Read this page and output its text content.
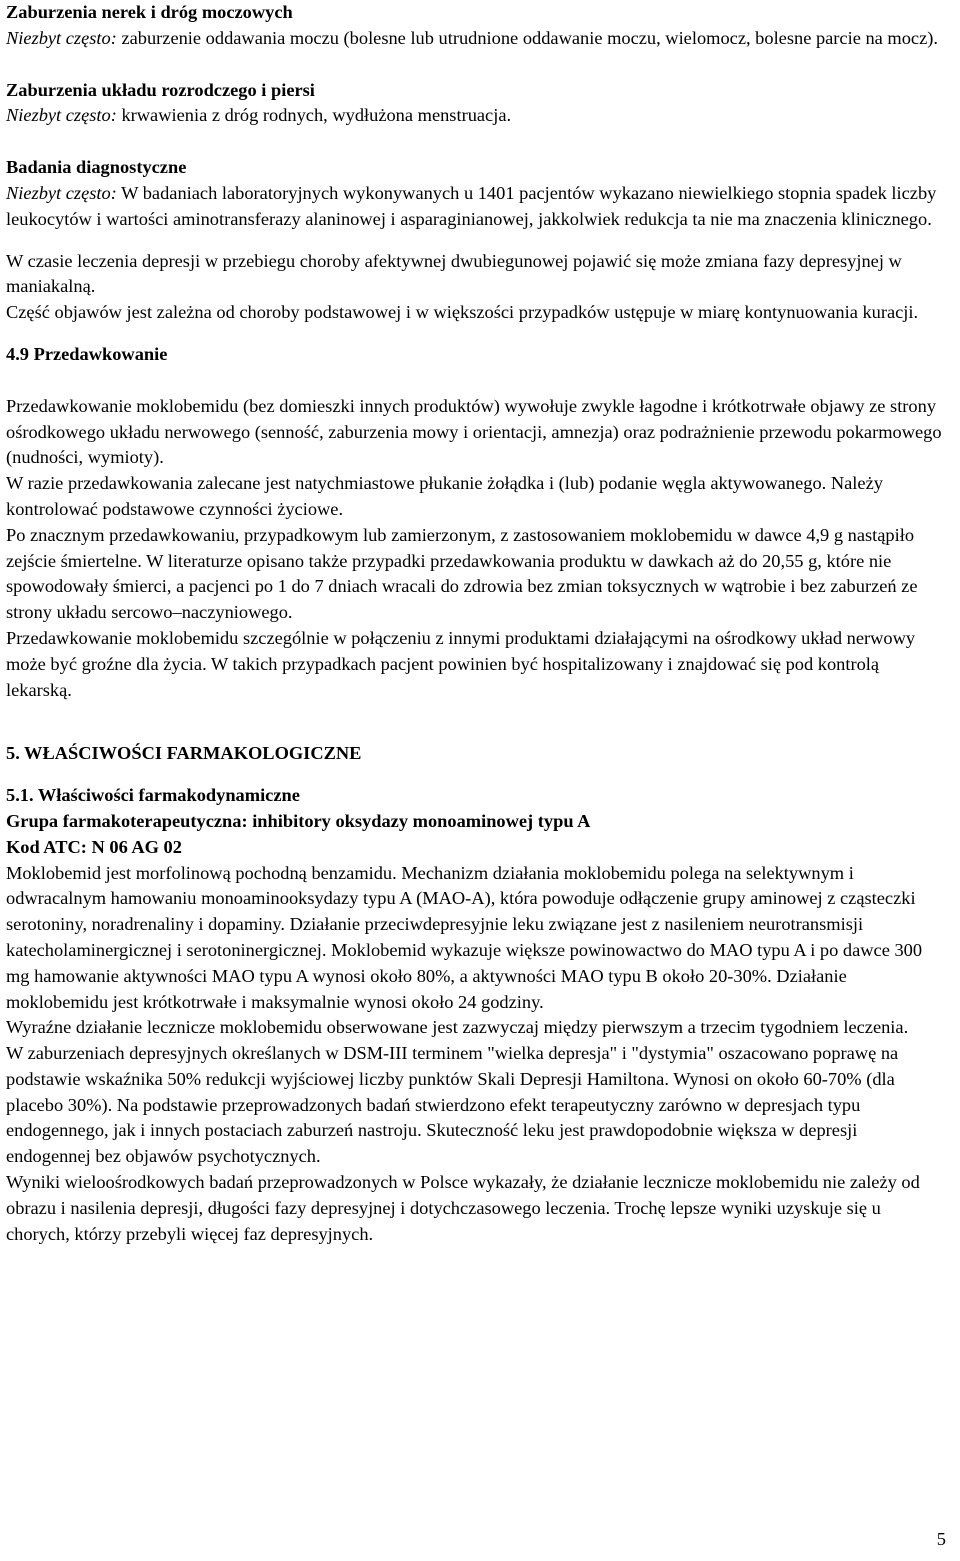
Zaburzenia nerek i dróg moczowych

Niezbyt często: zaburzenie oddawania moczu (bolesne lub utrudnione oddawanie moczu, wielomocz, bolesne parcie na mocz).

Zaburzenia układu rozrodczego i piersi

Niezbyt często: krwawienia z dróg rodnych, wydłużona menstruacja.

Badania diagnostyczne

Niezbyt często: W badaniach laboratoryjnych wykonywanych u 1401 pacjentów wykazano niewielkiego stopnia spadek liczby leukocytów i wartości aminotransferazy alaninowej i asparaginianowej, jakkolwiek redukcja ta nie ma znaczenia klinicznego.

W czasie leczenia depresji w przebiegu choroby afektywnej dwubiegunowej pojawić się może zmiana fazy depresyjnej w maniakalną.

Część objawów jest zależna od choroby podstawowej i w większości przypadków ustępuje w miarę kontynuowania kuracji.

4.9 Przedawkowanie

Przedawkowanie moklobemidu (bez domieszki innych produktów) wywołuje zwykle łagodne i krótkotrwałe objawy ze strony ośrodkowego układu nerwowego (senność, zaburzenia mowy i orientacji, amnezja) oraz podrażnienie przewodu pokarmowego (nudności, wymioty).

W razie przedawkowania zalecane jest natychmiastowe płukanie żołądka i (lub) podanie węgla aktywowanego. Należy kontrolować podstawowe czynności życiowe.

Po znacznym przedawkowaniu, przypadkowym lub zamierzonym, z zastosowaniem moklobemidu w dawce 4,9 g nastąpiło zejście śmiertelne. W literaturze opisano także przypadki przedawkowania produktu w dawkach aż do 20,55 g, które nie spowodowały śmierci, a pacjenci po 1 do 7 dniach wracali do zdrowia bez zmian toksycznych w wątrobie i bez zaburzeń ze strony układu sercowo–naczyniowego.

Przedawkowanie moklobemidu szczególnie w połączeniu z innymi produktami działającymi na ośrodkowy układ nerwowy może być groźne dla życia. W takich przypadkach pacjent powinien być hospitalizowany i znajdować się pod kontrolą lekarską.

5. WŁAŚCIWOŚCI FARMAKOLOGICZNE

5.1. Właściwości farmakodynamiczne

Grupa farmakoterapeutyczna: inhibitory oksydazy monoaminowej typu A

Kod ATC: N 06 AG 02

Moklobemid jest morfolinową pochodną benzamidu. Mechanizm działania moklobemidu polega na selektywnym i odwracalnym hamowaniu monoaminooksydazy typu A (MAO-A), która powoduje odłączenie grupy aminowej z cząsteczki serotoniny, noradrenaliny i dopaminy. Działanie przeciwdepresyjnie leku związane jest z nasileniem neurotransmisji katecholaminergicznej i serotoninergicznej. Moklobemid wykazuje większe powinowactwo do MAO typu A i po dawce 300 mg hamowanie aktywności MAO typu A wynosi około 80%, a aktywności MAO typu B około 20-30%. Działanie moklobemidu jest krótkotrwałe i maksymalnie wynosi około 24 godziny.

Wyraźne działanie lecznicze moklobemidu obserwowane jest zazwyczaj między pierwszym a trzecim tygodniem leczenia.

W zaburzeniach depresyjnych określanych w DSM-III terminem "wielka depresja" i "dystymia" oszacowano poprawę na podstawie wskaźnika 50% redukcji wyjściowej liczby punktów Skali Depresji Hamiltona. Wynosi on około 60-70% (dla placebo 30%). Na podstawie przeprowadzonych badań stwierdzono efekt terapeutyczny zarówno w depresjach typu endogennego, jak i innych postaciach zaburzeń nastroju. Skuteczność leku jest prawdopodobnie większa w depresji endogennej bez objawów psychotycznych.

Wyniki wieloośrodkowych badań przeprowadzonych w Polsce wykazały, że działanie lecznicze moklobemidu nie zależy od obrazu i nasilenia depresji, długości fazy depresyjnej i dotychczasowego leczenia. Trochę lepsze wyniki uzyskuje się u chorych, którzy przebyli więcej faz depresyjnych.

5
